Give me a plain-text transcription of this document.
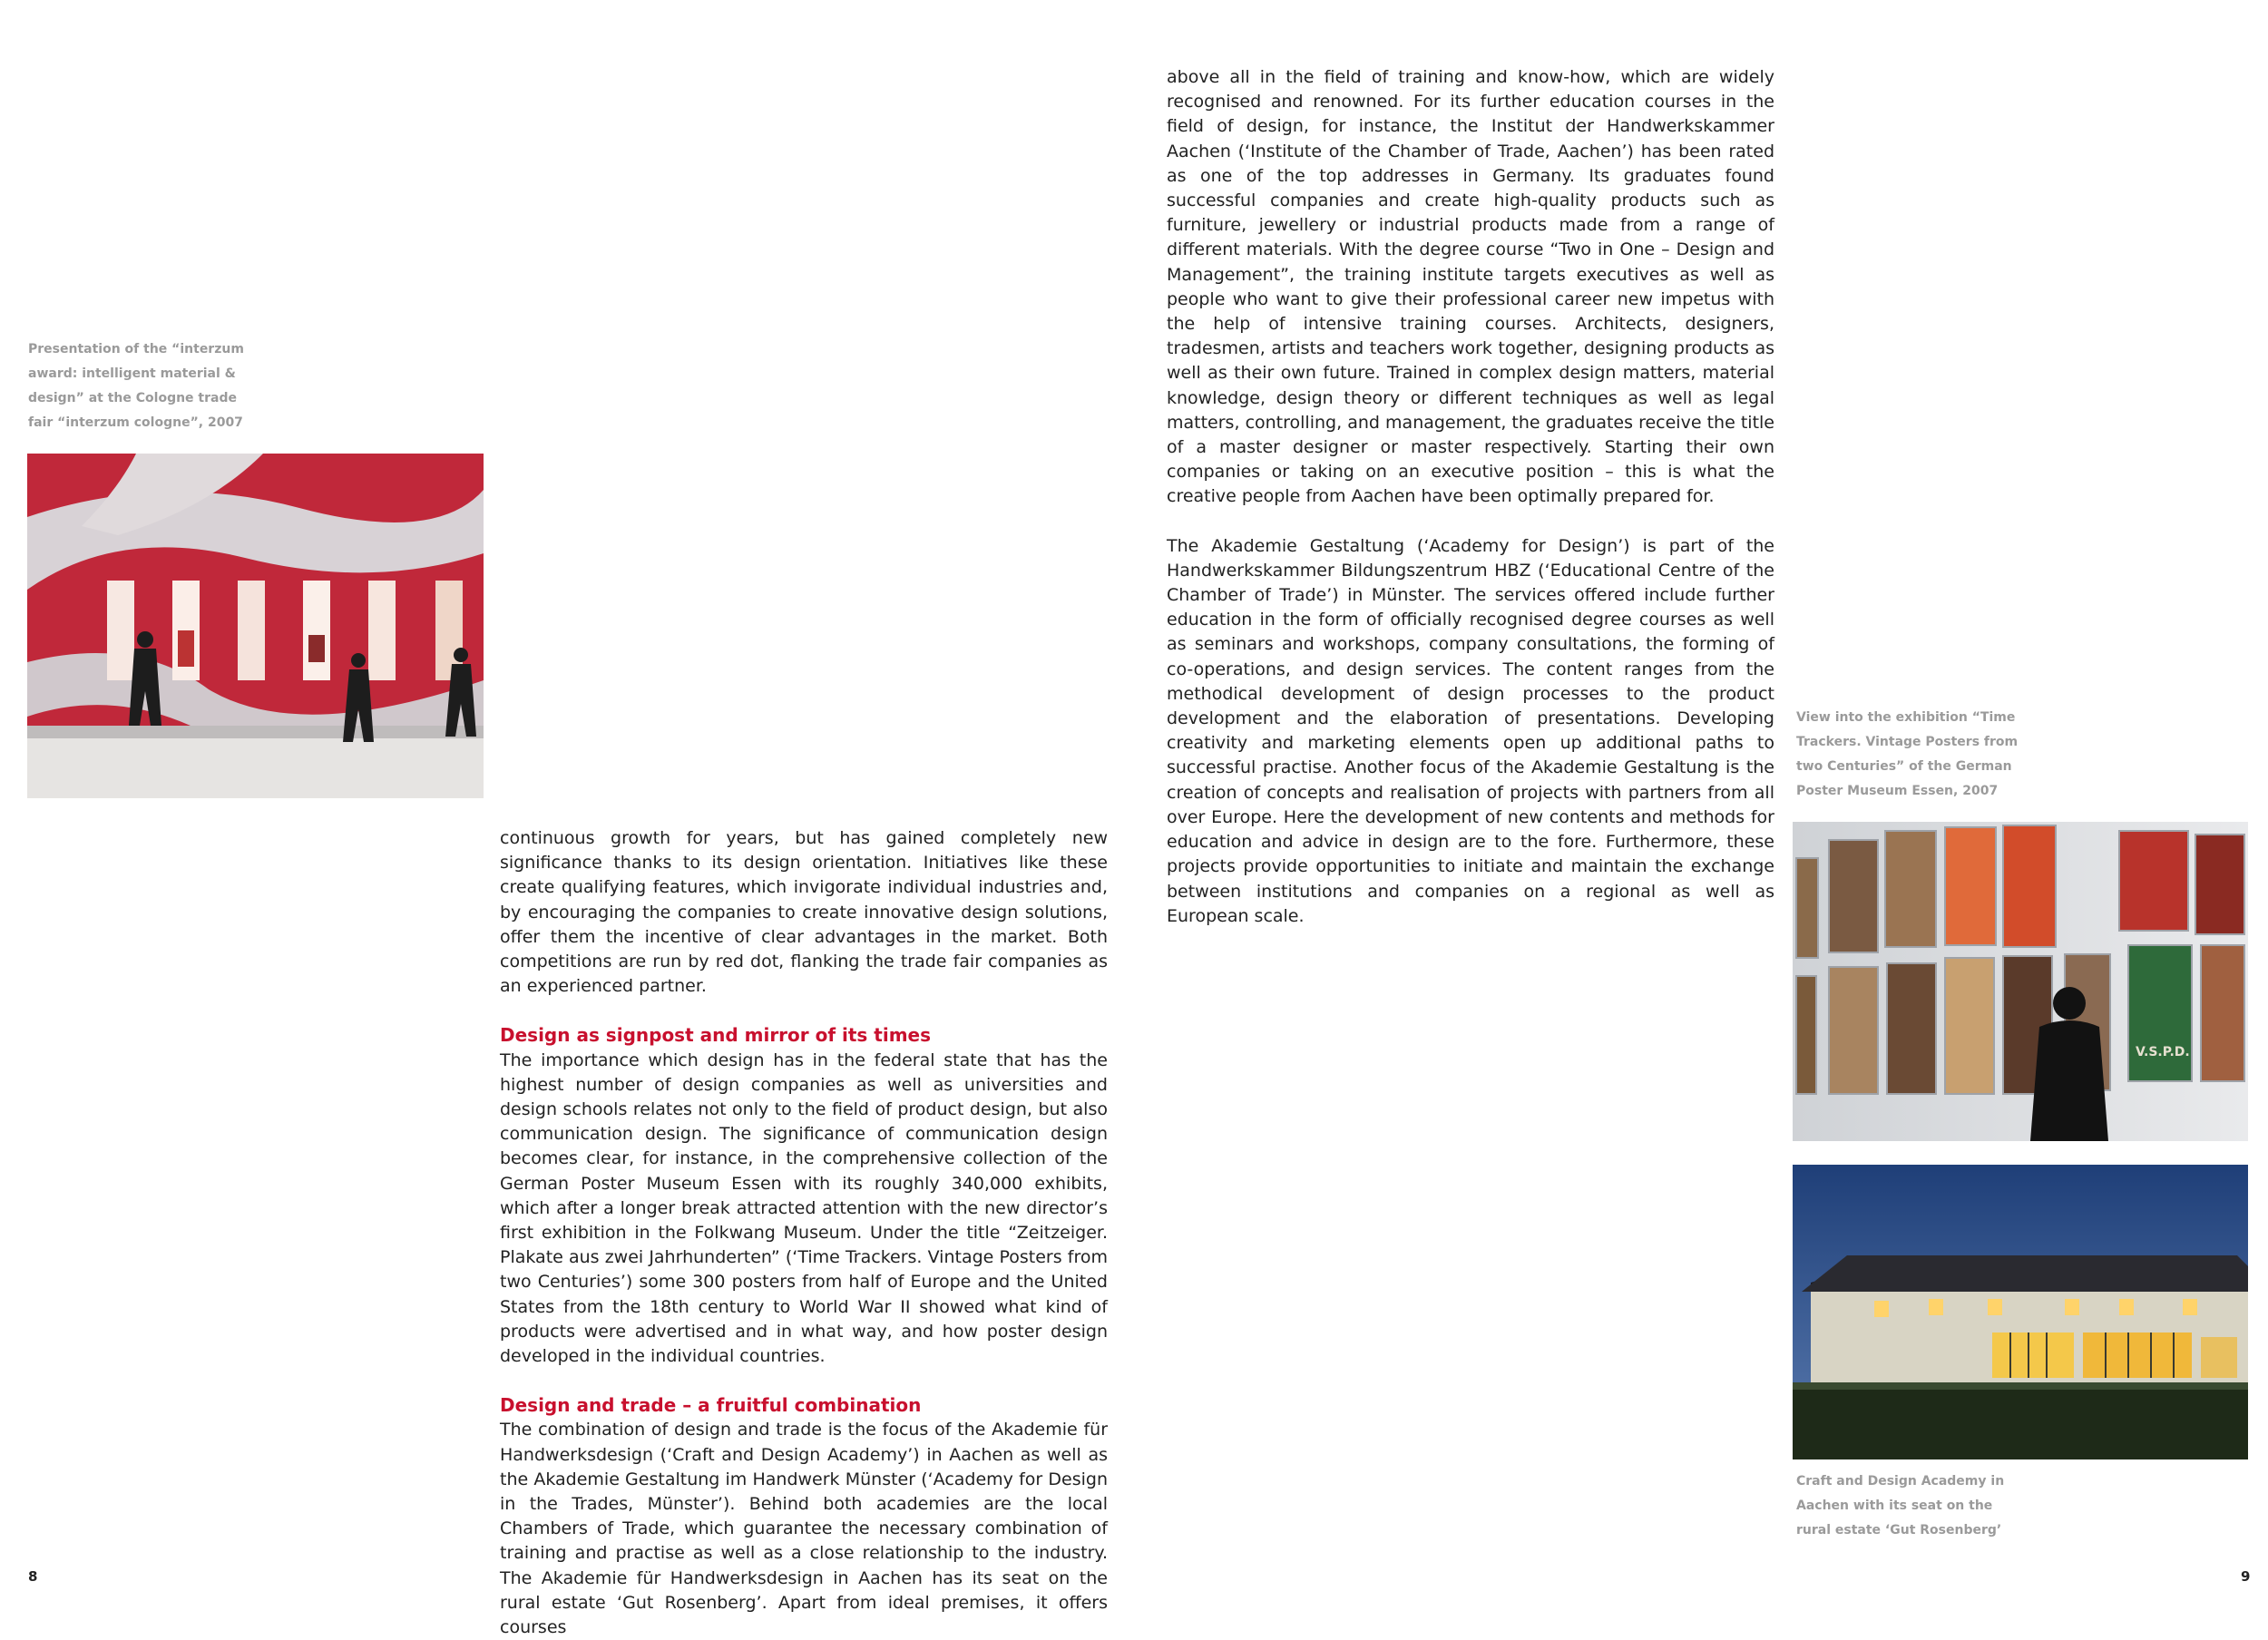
Presentation of the “interzum
award: intelligent material &
design” at the Cologne trade
fair “interzum cologne”, 2007

continuous growth for years, but has gained completely new significance thanks to its design orientation. Initiatives like these create qualifying features, which invigorate individual industries and, by encouraging the companies to create innovative design solutions, offer them the incentive of clear advantages in the market. Both competitions are run by red dot, flanking the trade fair companies as an experienced partner.

Design as signpost and mirror of its times

The importance which design has in the federal state that has the highest number of design companies as well as universities and design schools relates not only to the field of product design, but also communication design. The significance of communication design becomes clear, for instance, in the comprehensive collection of the German Poster Museum Essen with its roughly 340,000 exhibits, which after a longer break attracted attention with the new director’s first exhibition in the Folkwang Museum. Under the title “Zeitzeiger. Plakate aus zwei Jahrhunderten” (‘Time Trackers. Vintage Posters from two Centuries’) some 300 posters from half of Europe and the United States from the 18th century to World War II showed what kind of products were advertised and in what way, and how poster design developed in the individual countries.

Design and trade – a fruitful combination

The combination of design and trade is the focus of the Akademie für Handwerksdesign (‘Craft and Design Academy’) in Aachen as well as the Akademie Gestaltung im Handwerk Münster (‘Academy for Design in the Trades, Münster’). Behind both academies are the local Chambers of Trade, which guarantee the necessary combination of training and practise as well as a close relationship to the industry. The Akademie für Handwerksdesign in Aachen has its seat on the rural estate ‘Gut Rosenberg’. Apart from ideal premises, it offers courses

8

above all in the field of training and know-how, which are widely recognised and renowned. For its further education courses in the field of design, for instance, the Institut der Handwerkskammer Aachen (‘Institute of the Chamber of Trade, Aachen’) has been rated as one of the top addresses in Germany. Its graduates found successful companies and create high-quality products such as furniture, jewellery or industrial products made from a range of different materials. With the degree course “Two in One – Design and Management”, the training institute targets executives as well as people who want to give their professional career new impetus with the help of intensive training courses. Architects, designers, tradesmen, artists and teachers work together, designing products as well as their own future. Trained in complex design matters, material knowledge, design theory or different techniques as well as legal matters, controlling, and management, the graduates receive the title of a master designer or master respectively. Starting their own companies or taking on an executive position – this is what the creative people from Aachen have been optimally prepared for.

The Akademie Gestaltung (‘Academy for Design’) is part of the Handwerkskammer Bildungszentrum HBZ (‘Educational Centre of the Chamber of Trade’) in Münster. The services offered include further education in the form of officially recognised degree courses as well as seminars and workshops, company consultations, the forming of co-operations, and design services. The content ranges from the methodical development of design processes to the product development and the elaboration of presentations. Developing creativity and marketing elements open up additional paths to successful practise. Another focus of the Akademie Gestaltung is the creation of concepts and realisation of projects with partners from all over Europe. Here the development of new contents and methods for education and advice in design are to the fore. Furthermore, these projects provide opportunities to initiate and maintain the exchange between institutions and companies on a regional as well as European scale.

View into the exhibition “Time
Trackers. Vintage Posters from
two Centuries” of the German
Poster Museum Essen, 2007
V.S.P.D.
Craft and Design Academy in
Aachen with its seat on the
rural estate ‘Gut Rosenberg’
9
